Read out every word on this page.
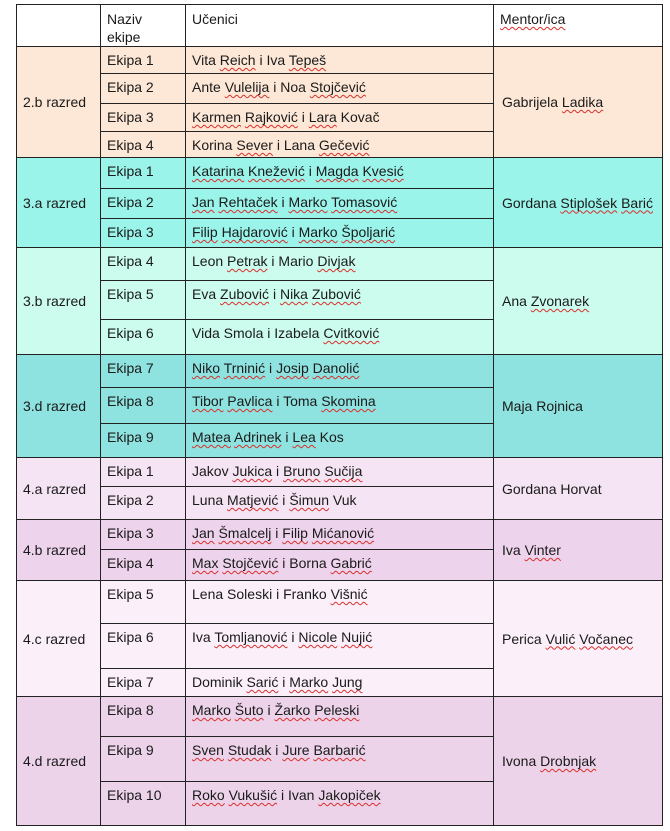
	Naziv
ekipe	Učenici	Mentor/ica
2.b razred	Ekipa 1	Vita Reich i Iva Tepeš	Gabrijela Ladika
	Ekipa 2	Ante Vulelija i Noa Stojčević	
	Ekipa 3	Karmen Rajković i Lara Kovač	
	Ekipa 4	Korina Sever i Lana Gečević	
3.a razred	Ekipa 1	Katarina Knežević i Magda Kvesić	Gordana Stiplošek Barić
	Ekipa 2	Jan Rehtaček i Marko Tomasović	
	Ekipa 3	Filip Hajdarović i Marko Špoljarić	
3.b razred	Ekipa 4	Leon Petrak i Mario Divjak	Ana Zvonarek
	Ekipa 5	Eva Zubović i Nika Zubović	
	Ekipa 6	Vida Smola i Izabela Cvitković	
3.d razred	Ekipa 7	Niko Trninić i Josip Danolić	Maja Rojnica
	Ekipa 8	Tibor Pavlica i Toma Skomina	
	Ekipa 9	Matea Adrinek i Lea Kos	
4.a razred	Ekipa 1	Jakov Jukica i Bruno Sučija	Gordana Horvat
	Ekipa 2	Luna Matjević i Šimun Vuk	
4.b razred	Ekipa 3	Jan Šmalcelj i Filip Mićanović	Iva Vinter
	Ekipa 4	Max Stojčević i Borna Gabrić	
4.c razred	Ekipa 5	Lena Soleski i Franko Višnić	Perica Vulić Vočanec
	Ekipa 6	Iva Tomljanović i Nicole Nujić	
	Ekipa 7	Dominik Sarić i Marko Jung	
4.d razred	Ekipa 8	Marko Šuto i Žarko Peleski	Ivona Drobnjak
	Ekipa 9	Sven Studak i Jure Barbarić	
	Ekipa 10	Roko Vukušić i Ivan Jakopiček	
